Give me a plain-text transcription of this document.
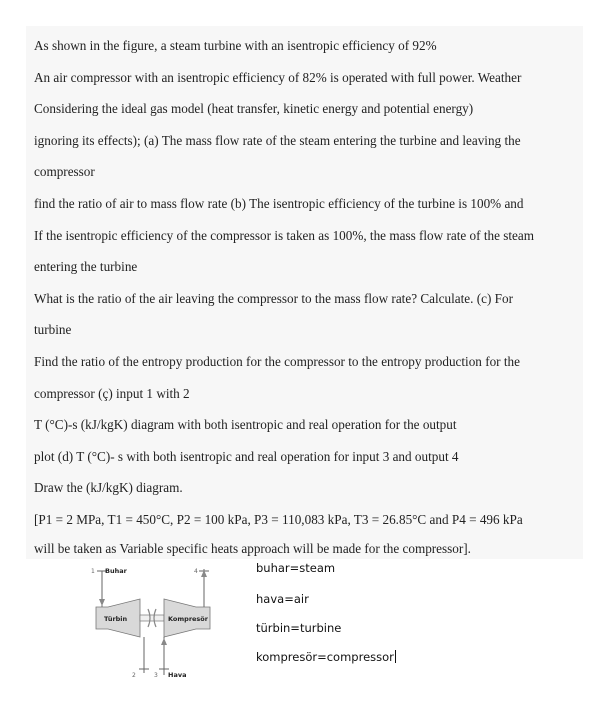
As shown in the figure, a steam turbine with an isentropic efficiency of 92%
An air compressor with an isentropic efficiency of 82% is operated with full power. Weather
Considering the ideal gas model (heat transfer, kinetic energy and potential energy)
ignoring its effects); (a) The mass flow rate of the steam entering the turbine and leaving the
compressor
find the ratio of air to mass flow rate (b) The isentropic efficiency of the turbine is 100% and
If the isentropic efficiency of the compressor is taken as 100%, the mass flow rate of the steam
entering the turbine
What is the ratio of the air leaving the compressor to the mass flow rate? Calculate. (c) For
turbine
Find the ratio of the entropy production for the compressor to the entropy production for the
compressor (ç) input 1 with 2
T (°C)-s (kJ/kgK) diagram with both isentropic and real operation for the output
plot (d) T (°C)- s with both isentropic and real operation for input 3 and output 4
Draw the (kJ/kgK) diagram.
[P1 = 2 MPa, T1 = 450°C, P2 = 100 kPa, P3 = 110,083 kPa, T3 = 26.85°C and P4 = 496 kPa
will be taken as Variable specific heats approach will be made for the compressor].
1 Buhar
Türbin
2
Kompresör
4
3 Hava
buhar=steam
hava=air
türbin=turbine
kompresör=compressor
